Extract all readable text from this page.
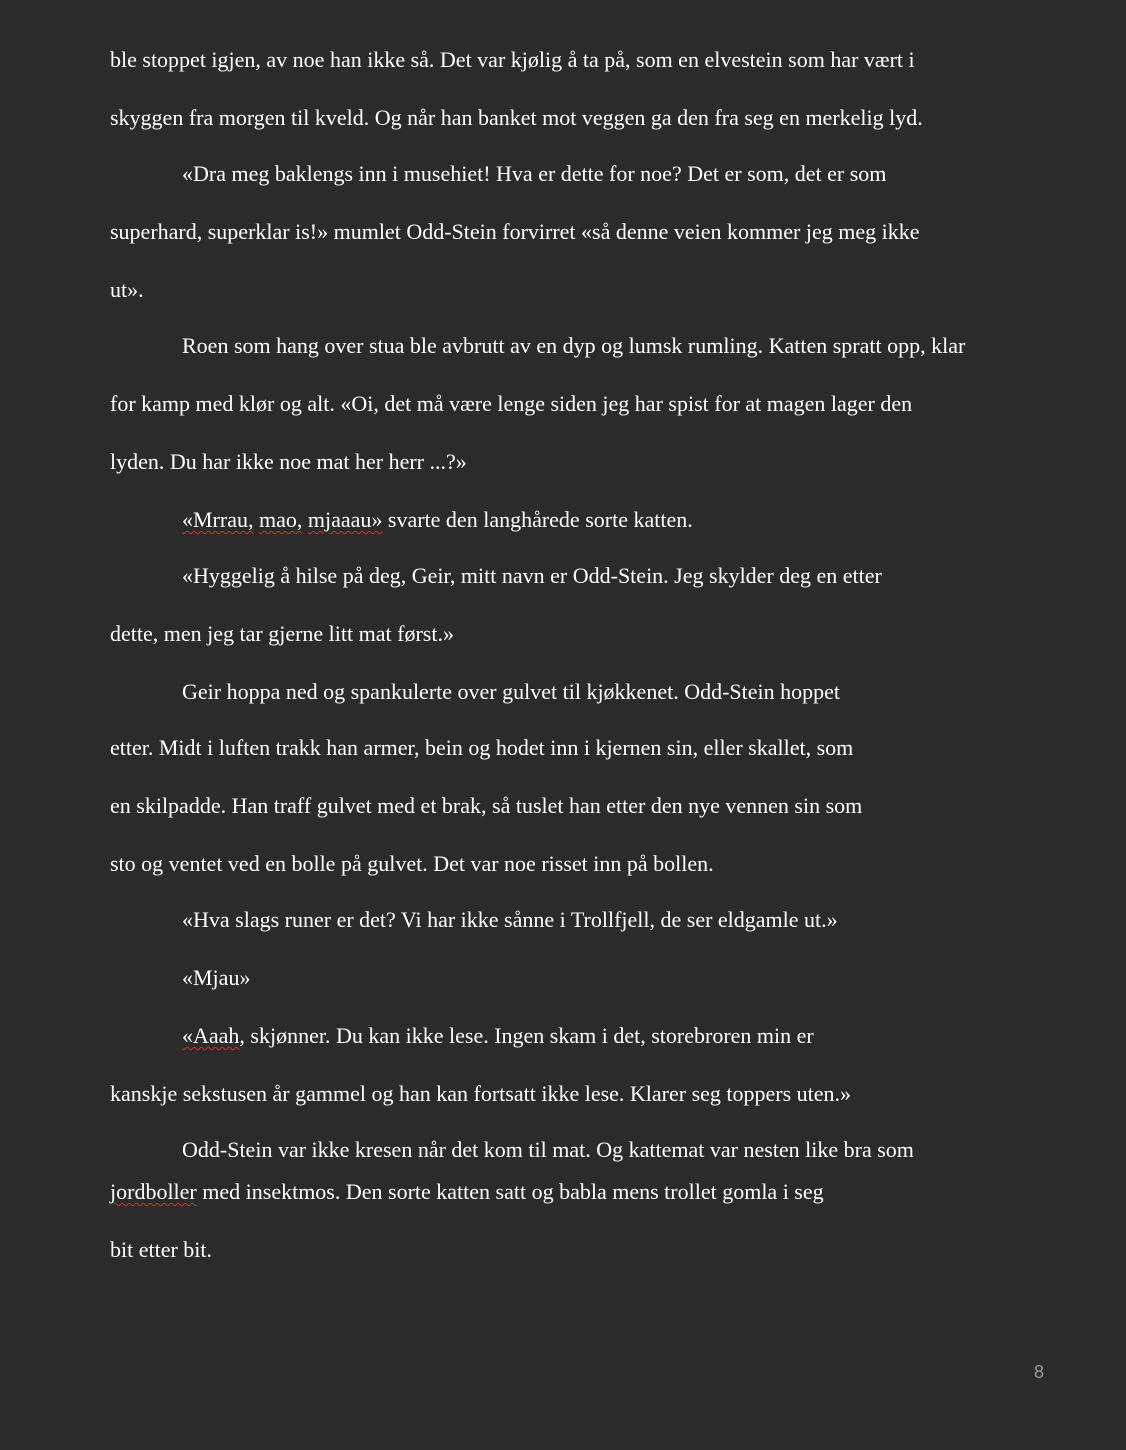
ble stoppet igjen, av noe han ikke så. Det var kjølig å ta på, som en elvestein som har vært i
skyggen fra morgen til kveld. Og når han banket mot veggen ga den fra seg en merkelig lyd.
«Dra meg baklengs inn i musehiet! Hva er dette for noe? Det er som, det er som
superhard, superklar is!» mumlet Odd-Stein forvirret «så denne veien kommer jeg meg ikke
ut».
Roen som hang over stua ble avbrutt av en dyp og lumsk rumling. Katten spratt opp, klar
for kamp med klør og alt. «Oi, det må være lenge siden jeg har spist for at magen lager den
lyden. Du har ikke noe mat her herr ...?»
«Mrrau, mao, mjaaau» svarte den langhårede sorte katten.
«Hyggelig å hilse på deg, Geir, mitt navn er Odd-Stein. Jeg skylder deg en etter
dette, men jeg tar gjerne litt mat først.»
Geir hoppa ned og spankulerte over gulvet til kjøkkenet. Odd-Stein hoppet
etter. Midt i luften trakk han armer, bein og hodet inn i kjernen sin, eller skallet, som
en skilpadde. Han traff gulvet med et brak, så tuslet han etter den nye vennen sin som
sto og ventet ved en bolle på gulvet. Det var noe risset inn på bollen.
«Hva slags runer er det? Vi har ikke sånne i Trollfjell, de ser eldgamle ut.»
«Mjau»
«Aaah, skjønner. Du kan ikke lese. Ingen skam i det, storebroren min er
kanskje sekstusen år gammel og han kan fortsatt ikke lese. Klarer seg toppers uten.»
Odd-Stein var ikke kresen når det kom til mat. Og kattemat var nesten like bra som
jordboller med insektmos. Den sorte katten satt og babla mens trollet gomla i seg
bit etter bit.
8
